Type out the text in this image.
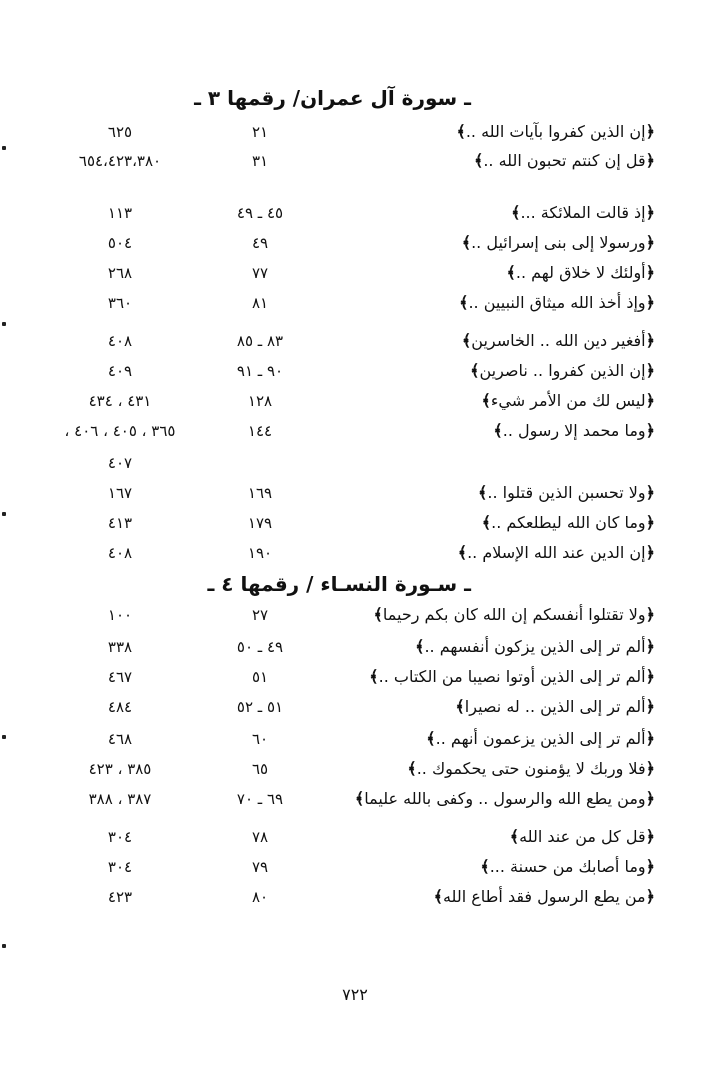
ـ سورة آل عمران/ رقمها ٣ ـ
﴿إن الذين كفروا بآيات الله ..﴾
٢١
٦٢٥
﴿قل إن كنتم تحبون الله ..﴾
٣١
٦٥٤،٤٢٣،٣٨٠
﴿إذ قالت الملائكة ...﴾
٤٥ ـ ٤٩
١١٣
﴿ورسولا إلى بنى إسرائيل ..﴾
٤٩
٥٠٤
﴿أولئك لا خلاق لهم ..﴾
٧٧
٢٦٨
﴿وإذ أخذ الله ميثاق النبيين ..﴾
٨١
٣٦٠
﴿أفغير دين الله .. الخاسرين﴾
٨٣ ـ ٨٥
٤٠٨
﴿إن الذين كفروا .. ناصرين﴾
٩٠ ـ ٩١
٤٠٩
﴿ليس لك من الأمر شيء﴾
١٢٨
٤٣١ ، ٤٣٤
﴿وما محمد إلا رسول ..﴾
١٤٤
٣٦٥ ، ٤٠٥ ، ٤٠٦ ،
٤٠٧
﴿ولا تحسبن الذين قتلوا ..﴾
١٦٩
١٦٧
﴿وما كان الله ليطلعكم ..﴾
١٧٩
٤١٣
﴿إن الدين عند الله الإسلام ..﴾
١٩٠
٤٠٨
ـ سـورة النسـاء / رقمها ٤ ـ
﴿ولا تقتلوا أنفسكم إن الله كان بكم رحيما﴾
٢٧
١٠٠
﴿ألم تر إلى الذين يزكون أنفسهم ..﴾
٤٩ ـ ٥٠
٣٣٨
﴿ألم تر إلى الذين أوتوا نصيبا من الكتاب ..﴾
٥١
٤٦٧
﴿ألم تر إلى الذين .. له نصيرا﴾
٥١ ـ ٥٢
٤٨٤
﴿ألم تر إلى الذين يزعمون أنهم ..﴾
٦٠
٤٦٨
﴿فلا وربك لا يؤمنون حتى يحكموك ..﴾
٦٥
٣٨٥ ، ٤٢٣
﴿ومن يطع الله والرسول .. وكفى بالله عليما﴾
٦٩ ـ ٧٠
٣٨٧ ، ٣٨٨
﴿قل كل من عند الله﴾
٧٨
٣٠٤
﴿وما أصابك من حسنة ...﴾
٧٩
٣٠٤
﴿من يطع الرسول فقد أطاع الله﴾
٨٠
٤٢٣
٧٢٢
